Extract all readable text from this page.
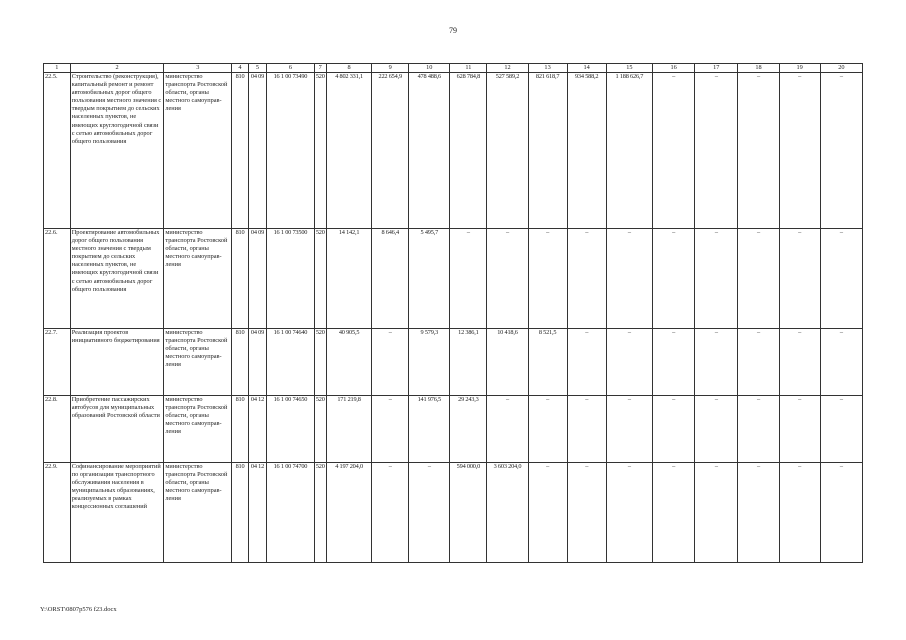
79
1	2	3	4	5	6	7	8	9	10	11	12	13	14	15	16	17	18	19	20
22.5.	Строительство (реконструкция), капитальный ремонт и ремонт автомобильных дорог общего пользования местного значения с твердым покрытием до сельских населенных пунктов, не имеющих круглогодичной связи с сетью автомобильных дорог общего пользования	министерство транспорта Ростовской области, органы местного самоуправ-ления	810	04 09	16 1 00 73490	520	4 802 331,1	222 654,9	478 488,6	628 784,8	527 589,2	821 618,7	934 588,2	1 188 626,7	–	–	–	–	–
22.6.	Проектирование автомобильных дорог общего пользования местного значения с твердым покрытием до сельских населенных пунктов, не имеющих круглогодичной связи с сетью автомобильных дорог общего пользования	министерство транспорта Ростовской области, органы местного самоуправ-ления	810	04 09	16 1 00 73500	520	14 142,1	8 646,4	5 495,7	–	–	–	–	–	–	–	–	–	–
22.7.	Реализация проектов инициативного бюджетирования	министерство транспорта Ростовской области, органы местного самоуправ-ления	810	04 09	16 1 00 74640	520	40 905,5	–	9 579,3	12 386,1	10 418,6	8 521,5	–	–	–	–	–	–	–
22.8.	Приобретение пассажирских автобусов для муниципальных образований Ростовской области	министерство транспорта Ростовской области, органы местного самоуправ-ления	810	04 12	16 1 00 74650	520	171 219,8	–	141 976,5	29 243,3	–	–	–	–	–	–	–	–	–
22.9.	Софинансирование мероприятий по организации транспортного обслуживания населения в муниципальных образованиях, реализуемых в рамках концессионных соглашений	министерство транспорта Ростовской области, органы местного самоуправ-ления	810	04 12	16 1 00 74700	520	4 197 204,0	–	–	594 000,0	3 603 204,0	–	–	–	–	–	–	–	–
Y:\ORST\0807p576 f23.docx
